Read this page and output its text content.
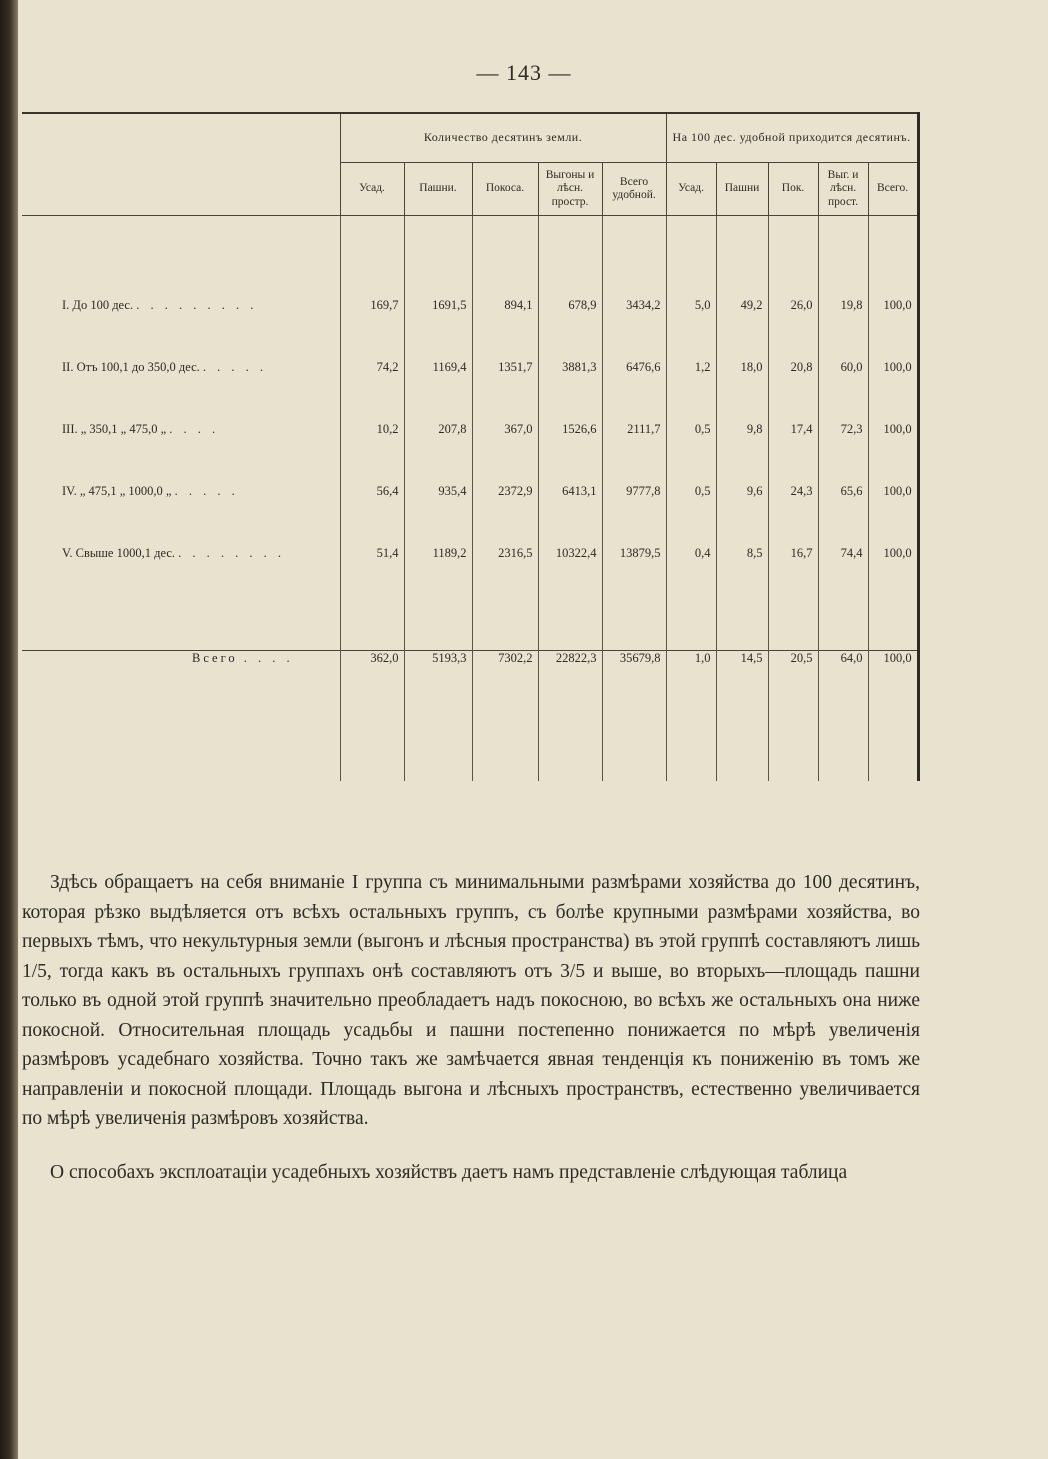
— 143 —
	Количество десятинъ земли.					На 100 дес. удобной приходится десятинъ.				
	Усад.	Пашни.	Покоса.	Выгоны и лѣсн. простр.	Всего удобной.	Усад.	Пашни	Пок.	Выг. и лѣсн. прост.	Всего.

I. До 100 дес. . . . . . . . . .	169,7	1691,5	894,1	678,9	3434,2	5,0	49,2	26,0	19,8	100,0
II. Отъ 100,1 до 350,0 дес. . . . . .	74,2	1169,4	1351,7	3881,3	6476,6	1,2	18,0	20,8	60,0	100,0
III. „ 350,1 „ 475,0 „ . . . .	10,2	207,8	367,0	1526,6	2111,7	0,5	9,8	17,4	72,3	100,0
IV. „ 475,1 „ 1000,0 „ . . . . .	56,4	935,4	2372,9	6413,1	9777,8	0,5	9,6	24,3	65,6	100,0
V. Свыше 1000,1 дес. . . . . . . . .	51,4	1189,2	2316,5	10322,4	13879,5	0,4	8,5	16,7	74,4	100,0

Всего . . . .	362,0	5193,3	7302,2	22822,3	35679,8	1,0	14,5	20,5	64,0	100,0

Здѣсь обращаетъ на себя вниманіе I группа съ минимальными размѣрами хозяйства до 100 десятинъ, которая рѣзко выдѣляется отъ всѣхъ остальныхъ группъ, съ болѣе крупными размѣрами хозяйства, во первыхъ тѣмъ, что некультурныя земли (выгонъ и лѣсныя пространства) въ этой группѣ составляютъ лишь 1/5, тогда какъ въ остальныхъ группахъ онѣ составляютъ отъ 3/5 и выше, во вторыхъ—площадь пашни только въ одной этой группѣ значительно преобладаетъ надъ покосною, во всѣхъ же остальныхъ она ниже покосной. Относительная площадь усадьбы и пашни постепенно понижается по мѣрѣ увеличенія размѣровъ усадебнаго хозяйства. Точно такъ же замѣчается явная тенденція къ пониженію въ томъ же направленіи и покосной площади. Площадь выгона и лѣсныхъ пространствъ, естественно увеличивается по мѣрѣ увеличенія размѣровъ хозяйства.

О способахъ эксплоатаціи усадебныхъ хозяйствъ даетъ намъ представленіе слѣдующая таблица
